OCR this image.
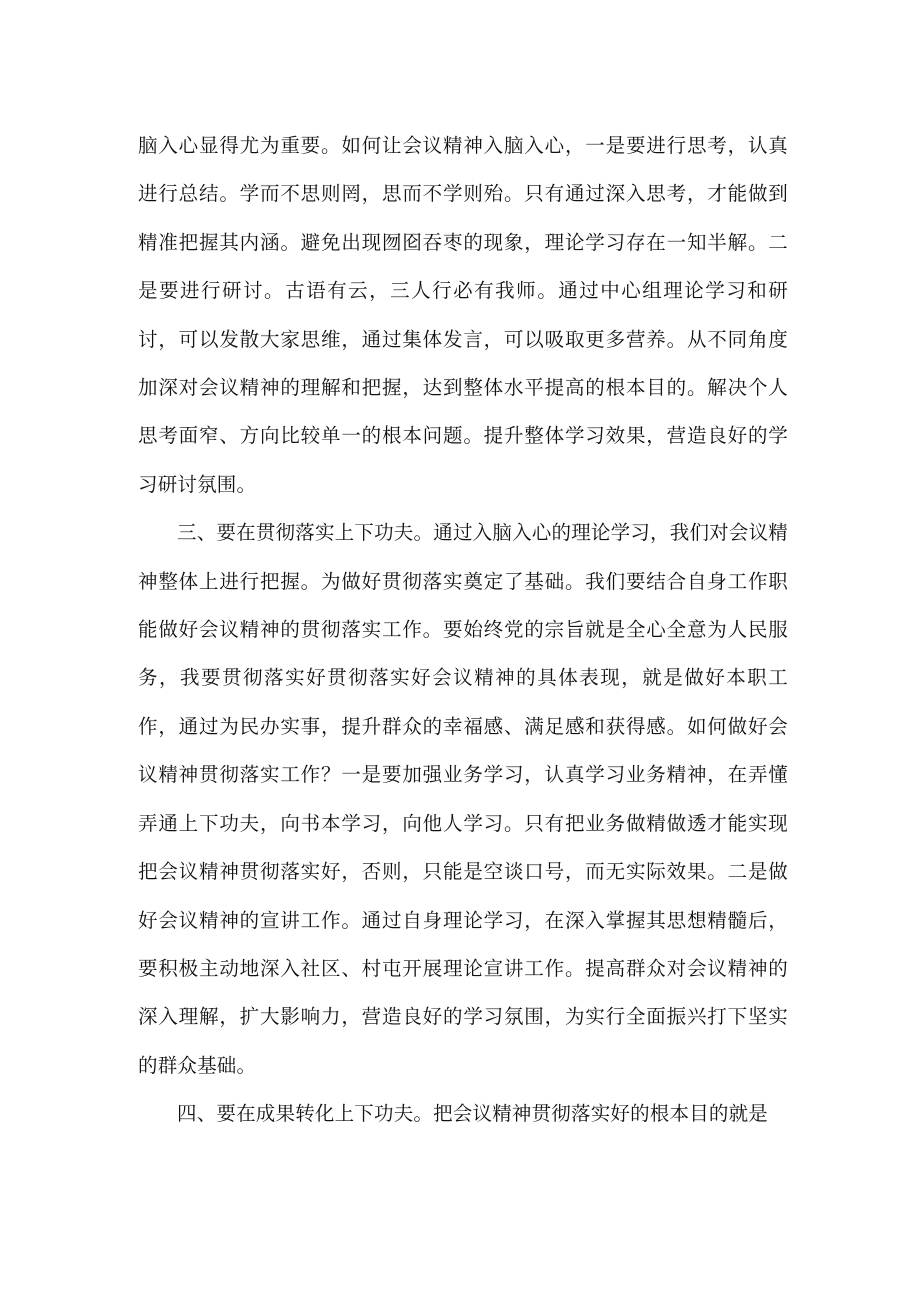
脑入心显得尤为重要。如何让会议精神入脑入心，一是要进行思考，认真进行总结。学而不思则罔，思而不学则殆。只有通过深入思考，才能做到精准把握其内涵。避免出现囫囵吞枣的现象，理论学习存在一知半解。二是要进行研讨。古语有云，三人行必有我师。通过中心组理论学习和研讨，可以发散大家思维，通过集体发言，可以吸取更多营养。从不同角度加深对会议精神的理解和把握，达到整体水平提高的根本目的。解决个人思考面窄、方向比较单一的根本问题。提升整体学习效果，营造良好的学习研讨氛围。

三、要在贯彻落实上下功夫。通过入脑入心的理论学习，我们对会议精神整体上进行把握。为做好贯彻落实奠定了基础。我们要结合自身工作职能做好会议精神的贯彻落实工作。要始终党的宗旨就是全心全意为人民服务，我要贯彻落实好贯彻落实好会议精神的具体表现，就是做好本职工作，通过为民办实事，提升群众的幸福感、满足感和获得感。如何做好会议精神贯彻落实工作？一是要加强业务学习，认真学习业务精神，在弄懂弄通上下功夫，向书本学习，向他人学习。只有把业务做精做透才能实现把会议精神贯彻落实好，否则，只能是空谈口号，而无实际效果。二是做好会议精神的宣讲工作。通过自身理论学习，在深入掌握其思想精髓后，要积极主动地深入社区、村屯开展理论宣讲工作。提高群众对会议精神的深入理解，扩大影响力，营造良好的学习氛围，为实行全面振兴打下坚实的群众基础。

四、要在成果转化上下功夫。把会议精神贯彻落实好的根本目的就是
